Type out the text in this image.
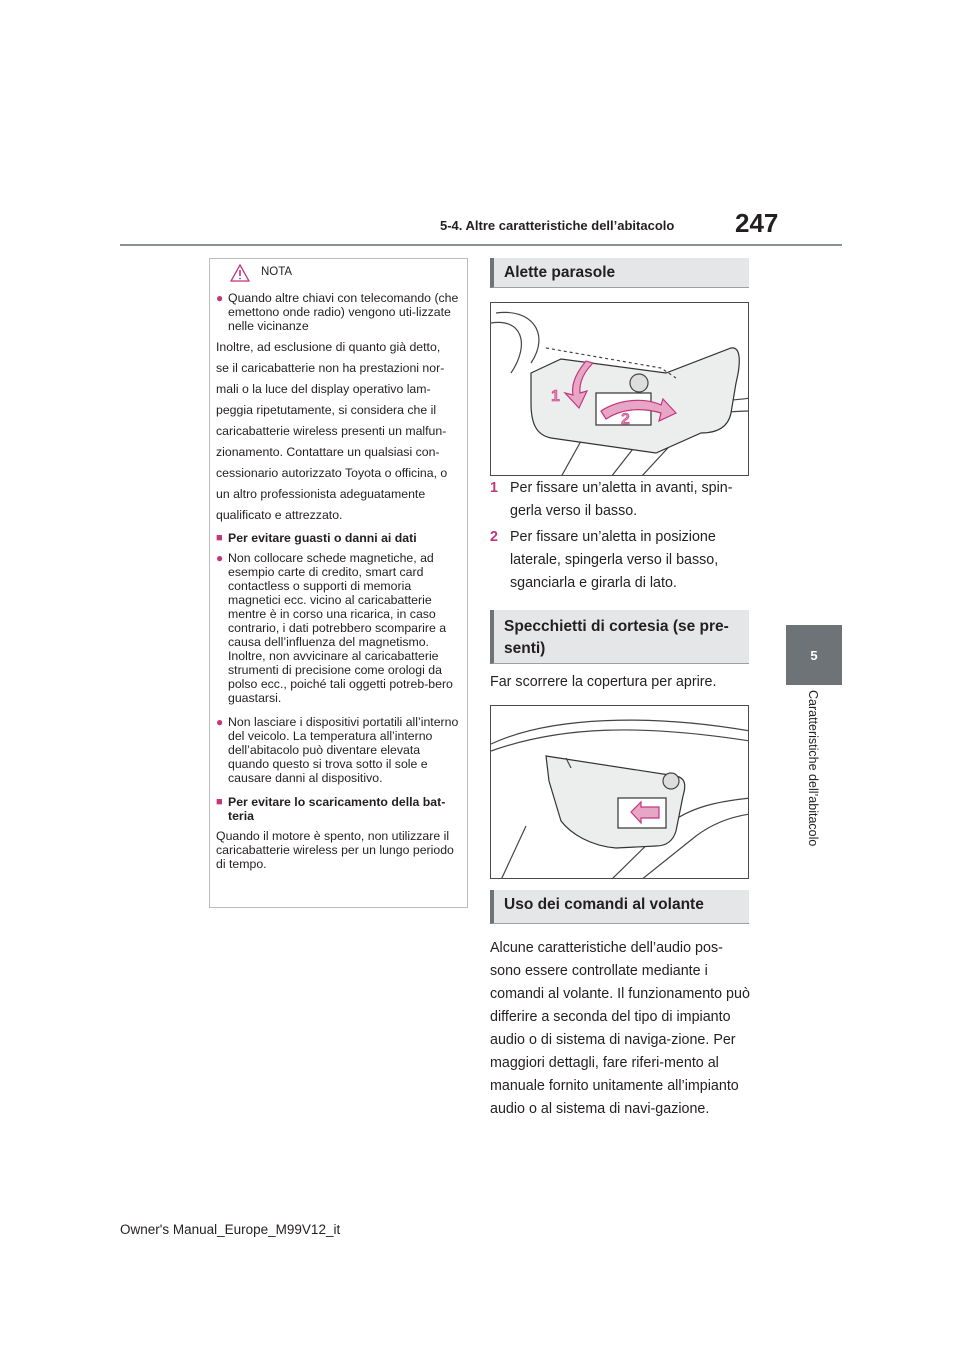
5-4. Altre caratteristiche dell’abitacolo 247
5
Caratteristiche dell’abitacolo
NOTA
● Quando altre chiavi con telecomando (che emettono onde radio) vengono uti-lizzate nelle vicinanze
Inoltre, ad esclusione di quanto già detto,
se il caricabatterie non ha prestazioni nor-
mali o la luce del display operativo lam-
peggia ripetutamente, si considera che il
caricabatterie wireless presenti un malfun-
zionamento. Contattare un qualsiasi con-
cessionario autorizzato Toyota o officina, o
un altro professionista adeguatamente
qualificato e attrezzato.
■ Per evitare guasti o danni ai dati
● Non collocare schede magnetiche, ad esempio carte di credito, smart card contactless o supporti di memoria magnetici ecc. vicino al caricabatterie mentre è in corso una ricarica, in caso contrario, i dati potrebbero scomparire a causa dell’influenza del magnetismo. Inoltre, non avvicinare al caricabatterie strumenti di precisione come orologi da polso ecc., poiché tali oggetti potreb-bero guastarsi.
● Non lasciare i dispositivi portatili all’interno del veicolo. La temperatura all’interno dell’abitacolo può diventare elevata quando questo si trova sotto il sole e causare danni al dispositivo.
■ Per evitare lo scaricamento della bat-teria
Quando il motore è spento, non utilizzare il caricabatterie wireless per un lungo periodo di tempo.
Alette parasole
1
2
1 Per fissare un’aletta in avanti, spin-gerla verso il basso.
2 Per fissare un’aletta in posizione laterale, spingerla verso il basso, sganciarla e girarla di lato.
Specchietti di cortesia (se pre-senti)
Far scorrere la copertura per aprire.
Uso dei comandi al volante
Alcune caratteristiche dell’audio pos-sono essere controllate mediante i comandi al volante. Il funzionamento può differire a seconda del tipo di impianto audio o di sistema di naviga-zione. Per maggiori dettagli, fare riferi-mento al manuale fornito unitamente all’impianto audio o al sistema di navi-gazione.
Owner's Manual_Europe_M99V12_it
